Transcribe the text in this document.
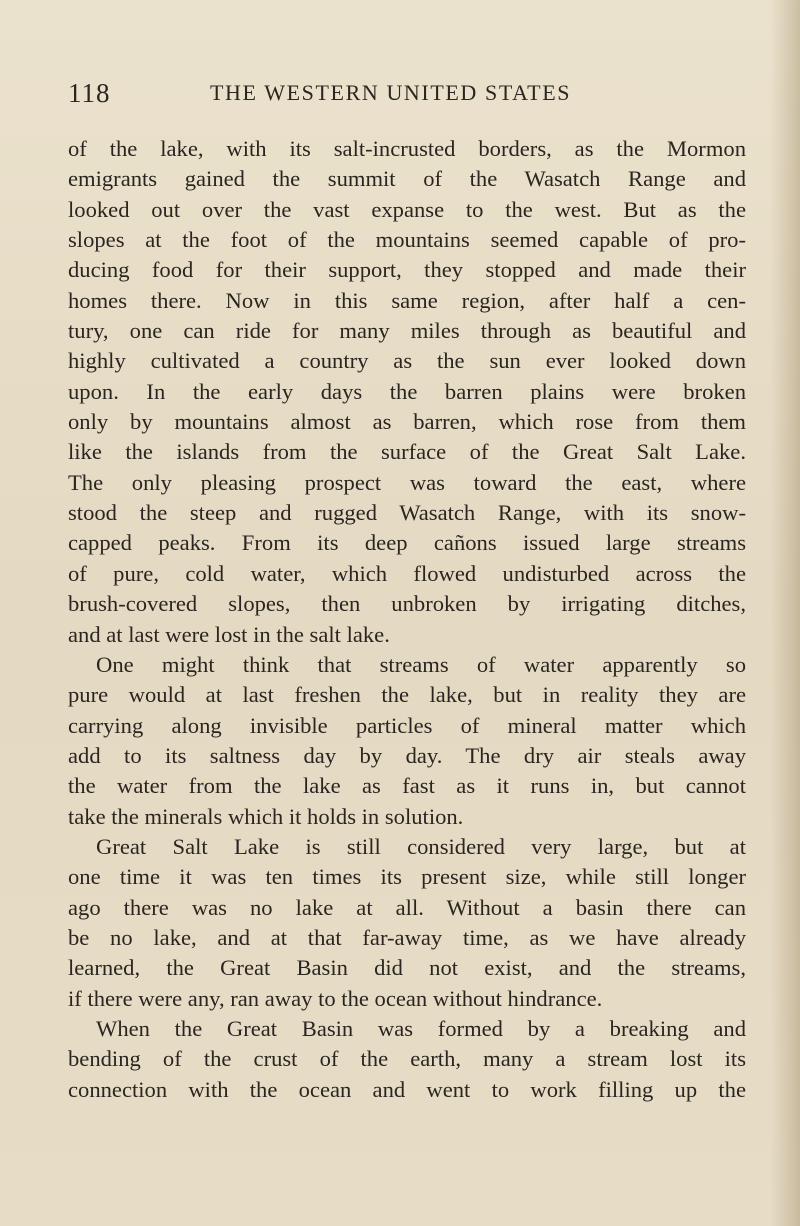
118	THE WESTERN UNITED STATES
of the lake, with its salt-incrusted borders, as the Mormon
emigrants gained the summit of the Wasatch Range and
looked out over the vast expanse to the west. But as the
slopes at the foot of the mountains seemed capable of pro-
ducing food for their support, they stopped and made their
homes there. Now in this same region, after half a cen-
tury, one can ride for many miles through as beautiful and
highly cultivated a country as the sun ever looked down
upon. In the early days the barren plains were broken
only by mountains almost as barren, which rose from them
like the islands from the surface of the Great Salt Lake.
The only pleasing prospect was toward the east, where
stood the steep and rugged Wasatch Range, with its snow-
capped peaks. From its deep cañons issued large streams
of pure, cold water, which flowed undisturbed across the
brush-covered slopes, then unbroken by irrigating ditches,
and at last were lost in the salt lake.
One might think that streams of water apparently so
pure would at last freshen the lake, but in reality they are
carrying along invisible particles of mineral matter which
add to its saltness day by day. The dry air steals away
the water from the lake as fast as it runs in, but cannot
take the minerals which it holds in solution.
Great Salt Lake is still considered very large, but at
one time it was ten times its present size, while still longer
ago there was no lake at all. Without a basin there can
be no lake, and at that far-away time, as we have already
learned, the Great Basin did not exist, and the streams,
if there were any, ran away to the ocean without hindrance.
When the Great Basin was formed by a breaking and
bending of the crust of the earth, many a stream lost its
connection with the ocean and went to work filling up the
